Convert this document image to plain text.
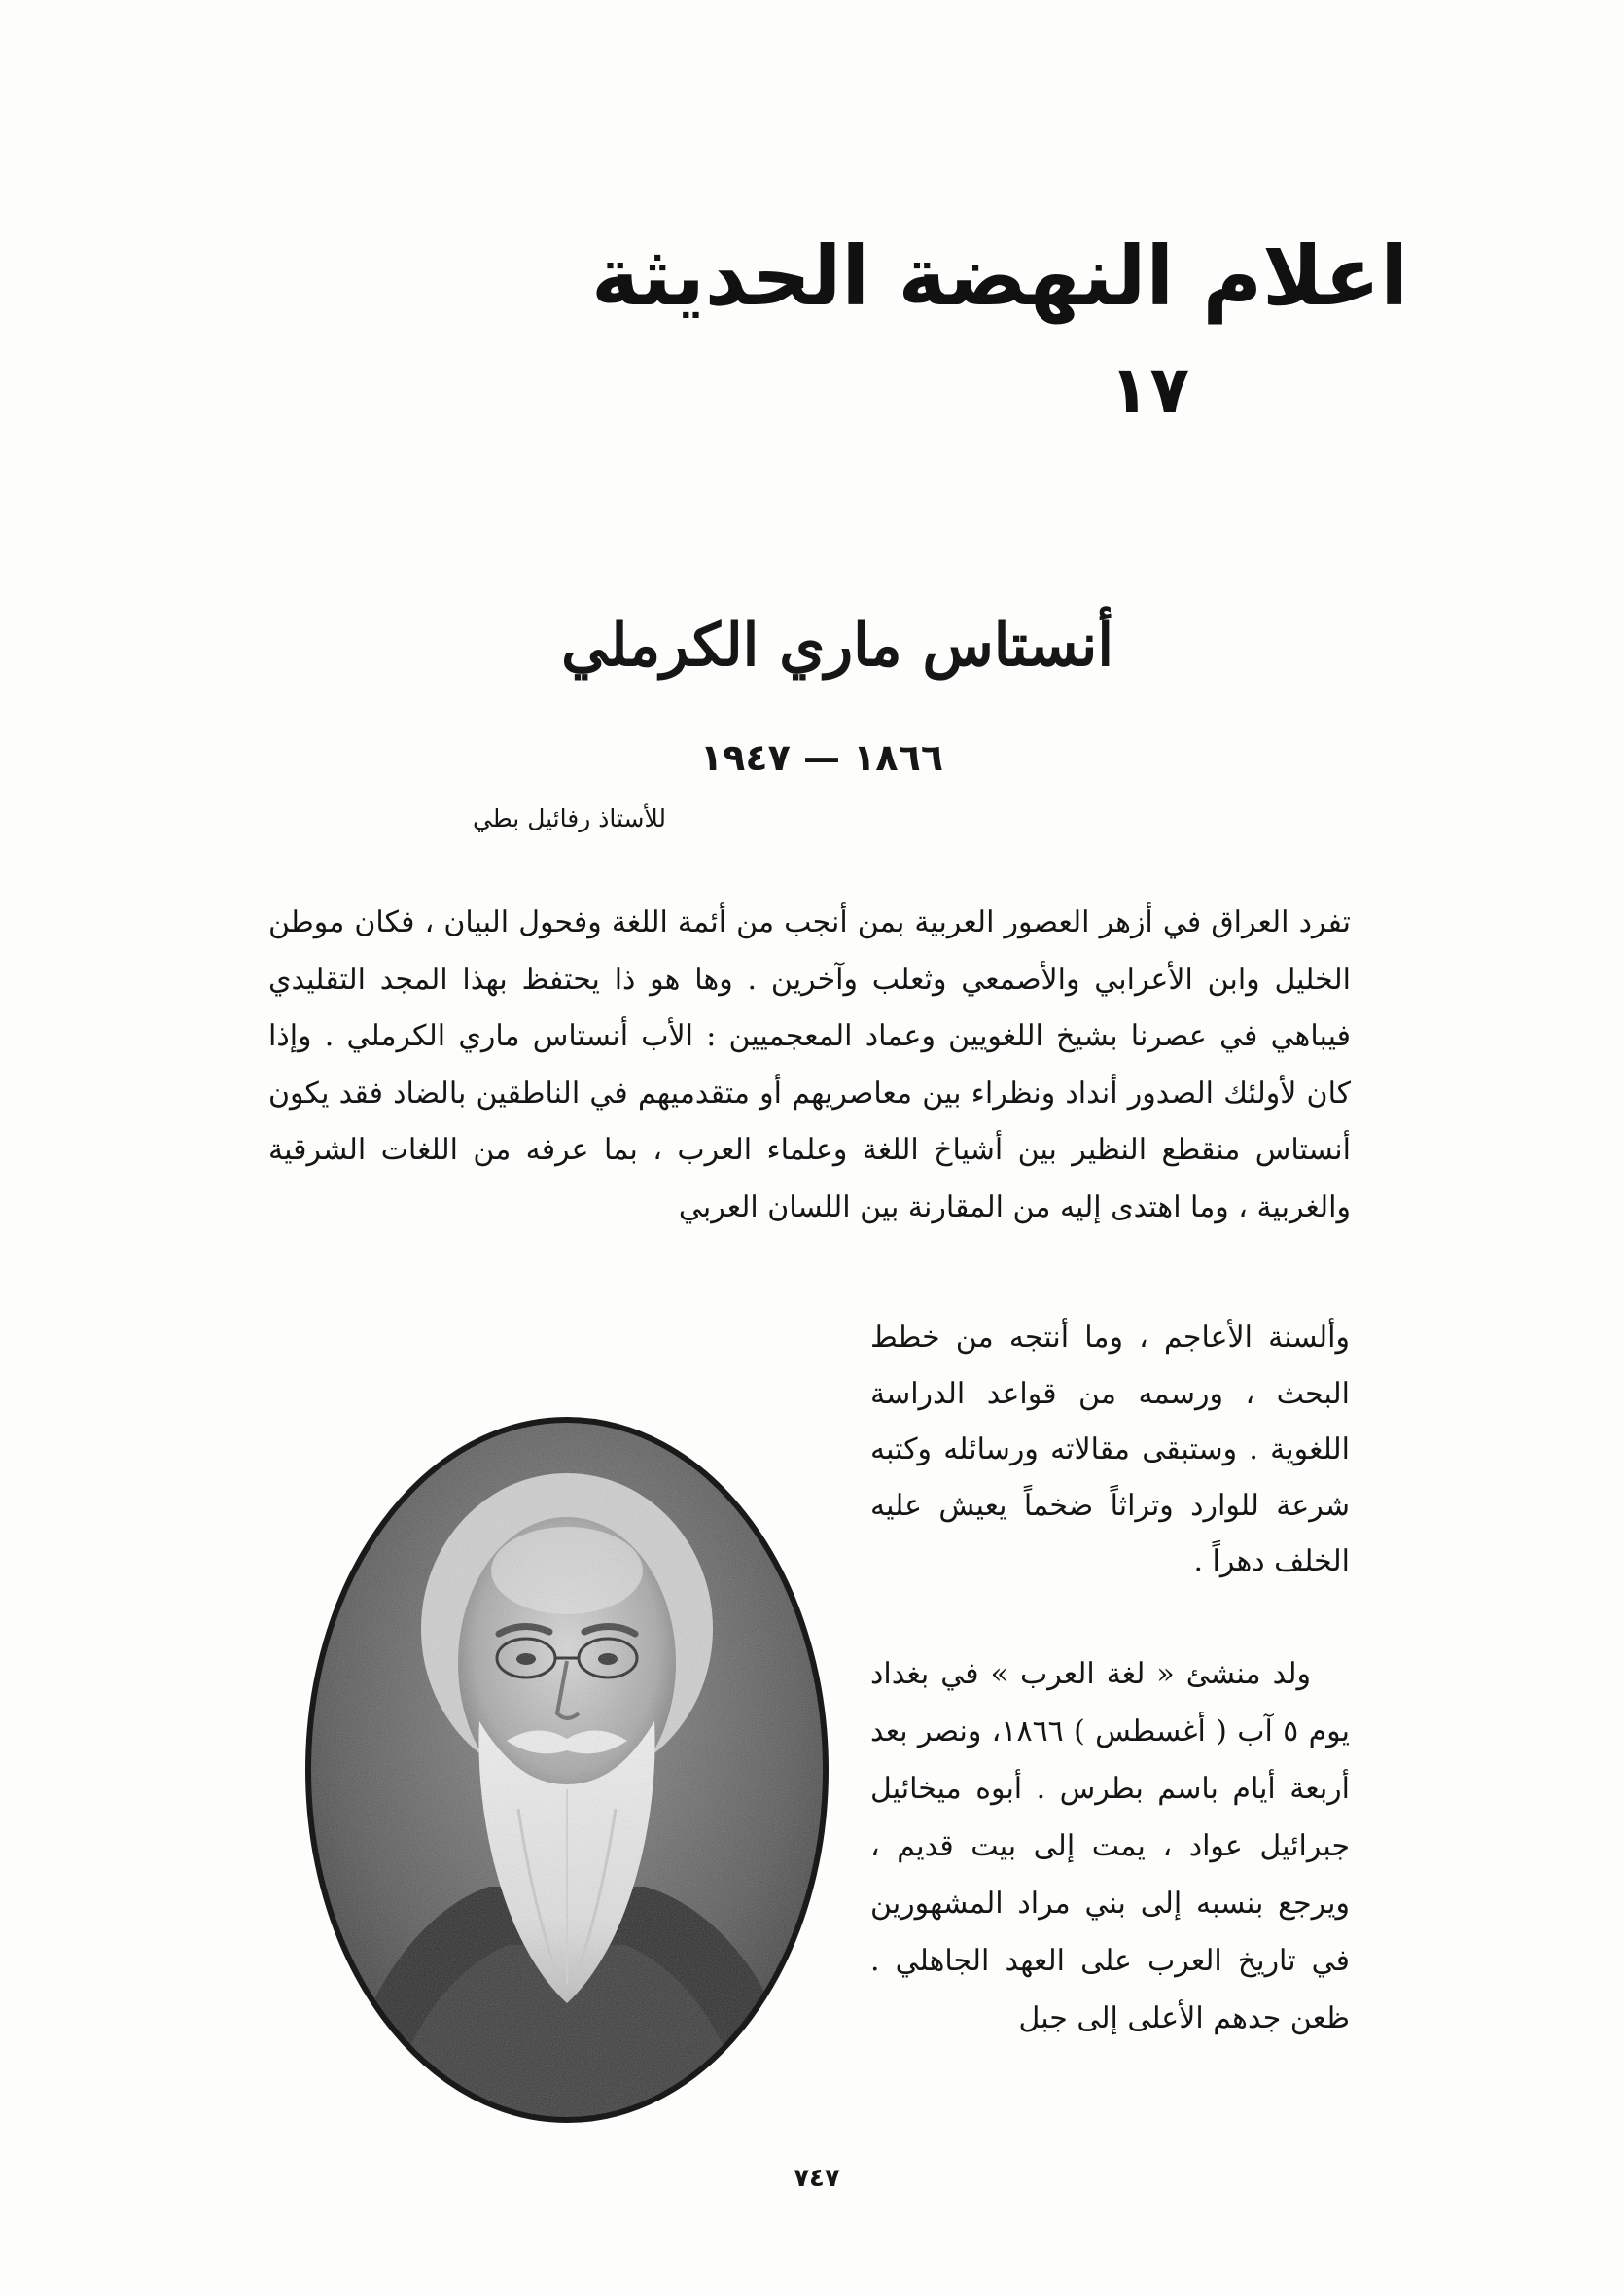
اعلام النهضة الحديثة
١٧
أنستاس ماري الكرملي
١٨٦٦ — ١٩٤٧
للأستاذ رفائيل بطي

تفرد العراق في أزهر العصور العربية بمن أنجب من أئمة اللغة وفحول البيان ، فكان موطن الخليل وابن الأعرابي والأصمعي وثعلب وآخرين . وها هو ذا يحتفظ بهذا المجد التقليدي فيباهي في عصرنا بشيخ اللغويين وعماد المعجميين : الأب أنستاس ماري الكرملي . وإذا كان لأولئك الصدور أنداد ونظراء بين معاصريهم أو متقدميهم في الناطقين بالضاد فقد يكون أنستاس منقطع النظير بين أشياخ اللغة وعلماء العرب ، بما عرفه من اللغات الشرقية والغربية ، وما اهتدى إليه من المقارنة بين اللسان العربي

وألسنة الأعاجم ، وما أنتجه من خطط البحث ، ورسمه من قواعد الدراسة اللغوية . وستبقى مقالاته ورسائله وكتبه شرعة للوارد وتراثاً ضخماً يعيش عليه الخلف دهراً .

ولد منشئ « لغة العرب » في بغداد يوم ٥ آب ( أغسطس ) ١٨٦٦، ونصر بعد أربعة أيام باسم بطرس . أبوه ميخائيل جبرائيل عواد ، يمت إلى بيت قديم ، ويرجع بنسبه إلى بني مراد المشهورين في تاريخ العرب على العهد الجاهلي . ظعن جدهم الأعلى إلى جبل

٧٤٧
